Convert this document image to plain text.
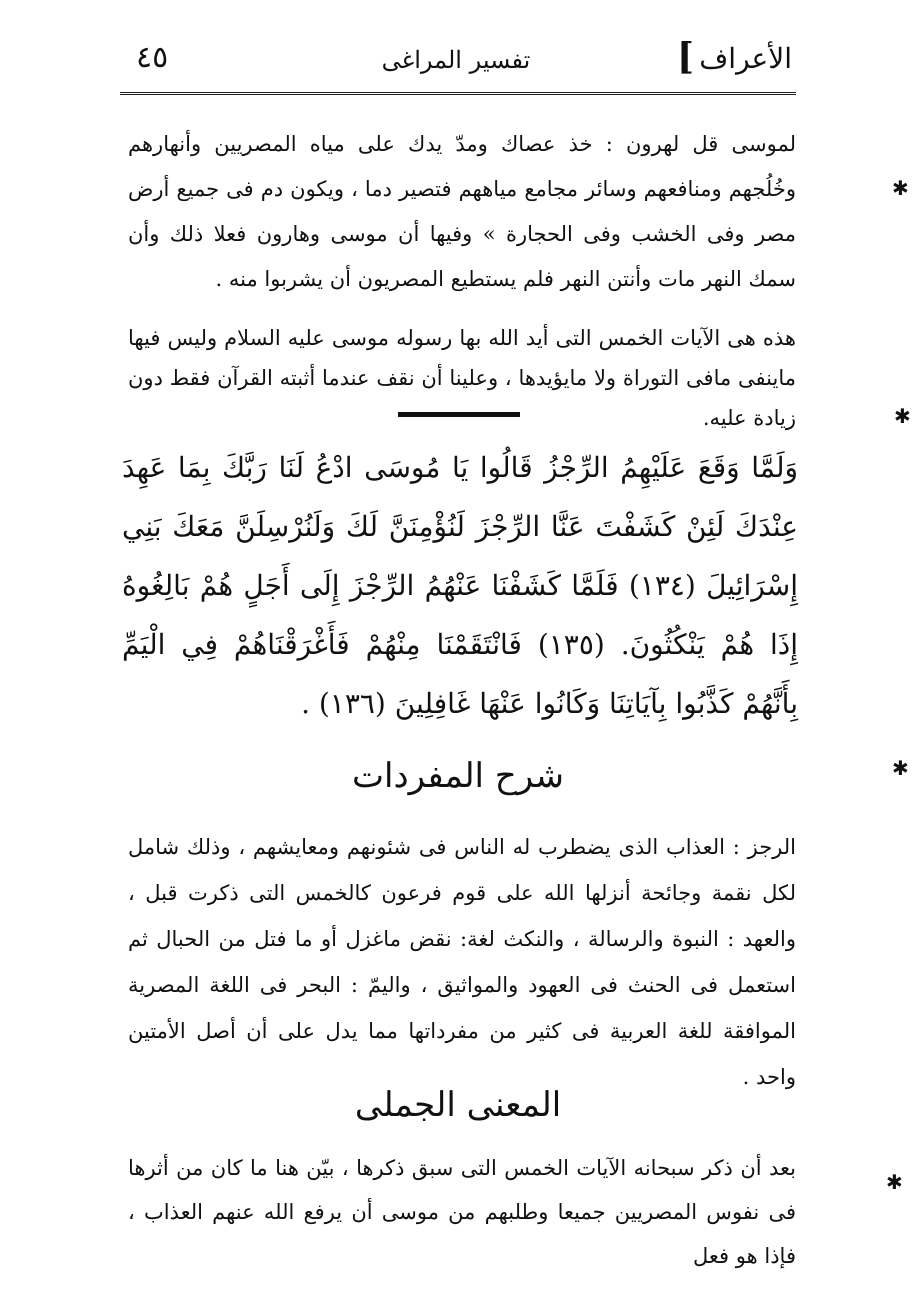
الأعراف
]
تفسير المراغى
٤٥
لموسى قل لهرون : خذ عصاك ومدّ يدك على مياه المصريين وأنهارهم وخُلُجهم ومنافعهم وسائر مجامع مياههم فتصير دما ، ويكون دم فى جميع أرض مصر وفى الخشب وفى الحجارة » وفيها أن موسى وهارون فعلا ذلك وأن سمك النهر مات وأنتن النهر فلم يستطيع المصريون أن يشربوا منه .
هذه هى الآيات الخمس التى أيد الله بها رسوله موسى عليه السلام وليس فيها ماينفى مافى التوراة ولا مايؤيدها ، وعلينا أن نقف عندما أثبته القرآن فقط دون زيادة عليه.
وَلَمَّا وَقَعَ عَلَيْهِمُ الرِّجْزُ قَالُوا يَا مُوسَى ادْعُ لَنَا رَبَّكَ بِمَا عَهِدَ عِنْدَكَ لَئِنْ كَشَفْتَ عَنَّا الرِّجْزَ لَنُؤْمِنَنَّ لَكَ وَلَنُرْسِلَنَّ مَعَكَ بَنِي إِسْرَائِيلَ (١٣٤) فَلَمَّا كَشَفْنَا عَنْهُمُ الرِّجْزَ إِلَى أَجَلٍ هُمْ بَالِغُوهُ إِذَا هُمْ يَنْكُثُونَ. (١٣٥) فَانْتَقَمْنَا مِنْهُمْ فَأَغْرَقْنَاهُمْ فِي الْيَمِّ بِأَنَّهُمْ كَذَّبُوا بِآيَاتِنَا وَكَانُوا عَنْهَا غَافِلِينَ (١٣٦) .
شرح المفردات
الرجز : العذاب الذى يضطرب له الناس فى شئونهم ومعايشهم ، وذلك شامل لكل نقمة وجائحة أنزلها الله على قوم فرعون كالخمس التى ذكرت قبل ، والعهد : النبوة والرسالة ، والنكث لغة: نقض ماغزل أو ما فتل من الحبال ثم استعمل فى الحنث فى العهود والمواثيق ، واليمّ : البحر فى اللغة المصرية الموافقة للغة العربية فى كثير من مفرداتها مما يدل على أن أصل الأمتين واحد .
المعنى الجملى
بعد أن ذكر سبحانه الآيات الخمس التى سبق ذكرها ، بيّن هنا ما كان من أثرها فى نفوس المصريين جميعا وطلبهم من موسى أن يرفع الله عنهم العذاب ، فإذا هو فعل
✱
✱
✱
✱
